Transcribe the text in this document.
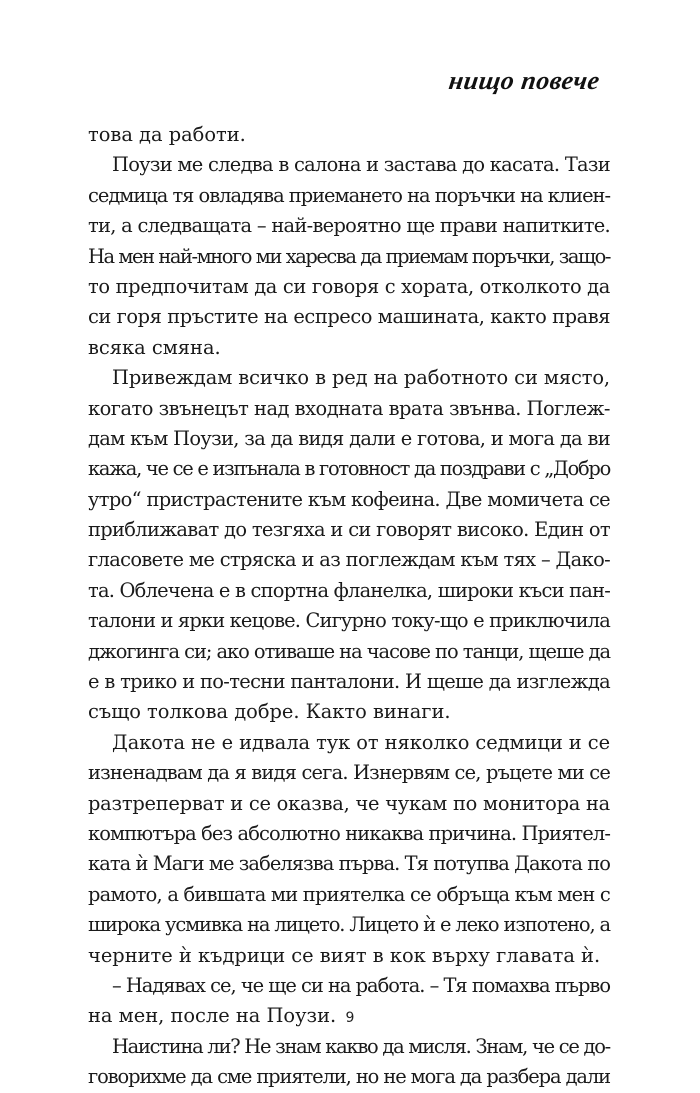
нищо повече
това да работи.
Поузи ме следва в салона и застава до касата. Тази
седмица тя овладява приемането на поръчки на клиен-
ти, а следващата – най-вероятно ще прави напитките.
На мен най-много ми харесва да приемам поръчки, защо-
то предпочитам да си говоря с хората, отколкото да
си горя пръстите на еспресо машината, както правя
всяка смяна.
Привеждам всичко в ред на работното си място,
когато звънецът над входната врата звънва. Поглеж-
дам към Поузи, за да видя дали е готова, и мога да ви
кажа, че се е изпънала в готовност да поздрави с „Добро
утро“ пристрастените към кофеина. Две момичета се
приближават до тезгяха и си говорят високо. Един от
гласовете ме стряска и аз поглеждам към тях – Дако-
та. Облечена е в спортна фланелка, широки къси пан-
талони и ярки кецове. Сигурно току-що е приключила
джогинга си; ако отиваше на часове по танци, щеше да
е в трико и по-тесни панталони. И щеше да изглежда
също толкова добре. Както винаги.
Дакота не е идвала тук от няколко седмици и се
изненадвам да я видя сега. Изнервям се, ръцете ми се
разтреперват и се оказва, че чукам по монитора на
компютъра без абсолютно никаква причина. Приятел-
ката ѝ Маги ме забелязва първа. Тя потупва Дакота по
рамото, а бившата ми приятелка се обръща към мен с
широка усмивка на лицето. Лицето ѝ е леко изпотено, а
черните ѝ къдрици се вият в кок върху главата ѝ.
– Надявах се, че ще си на работа. – Тя помахва първо
на мен, после на Поузи.
Наистина ли? Не знам какво да мисля. Знам, че се до-
говорихме да сме приятели, но не мога да разбера дали
9
